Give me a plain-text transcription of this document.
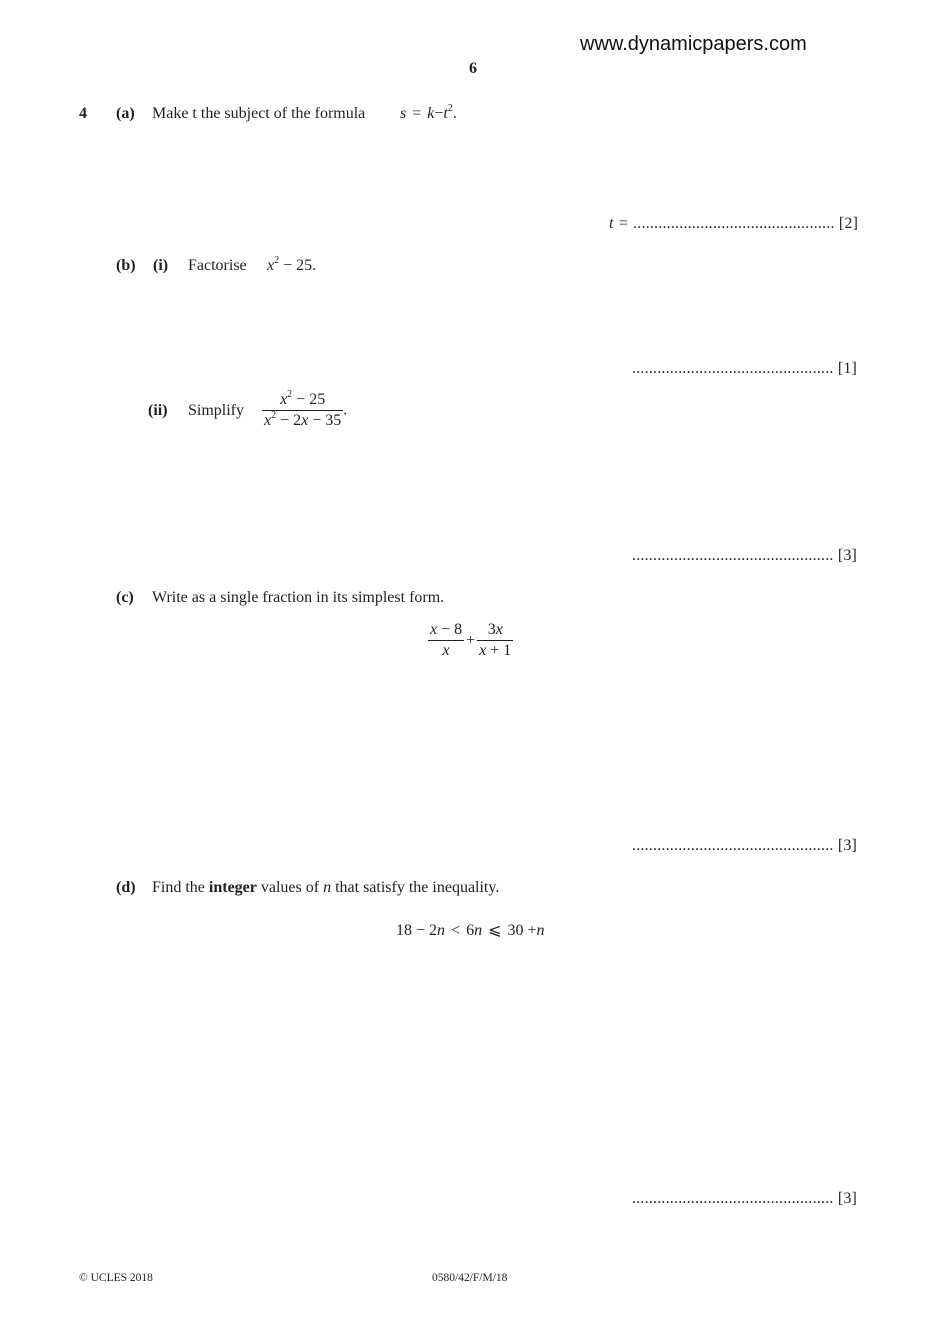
www.dynamicpapers.com
6
4 (a) Make t the subject of the formula $s = k-t^2$.
t = ................................................ [2]
(b) (i) Factorise $x^2 - 25$.
................................................ [1]
(ii) Simplify $\frac{x^2 - 25}{x^2 - 2x - 35}$ .
................................................ [3]
(c) Write as a single fraction in its simplest form.
$\frac{x - 8}{x} + \frac{3x}{x + 1}$
................................................ [3]
(d) Find the integer values of n that satisfy the inequality.
18 − 2n < 6n ⩽ 30 +n
................................................ [3]
© UCLES 2018	0580/42/F/M/18
